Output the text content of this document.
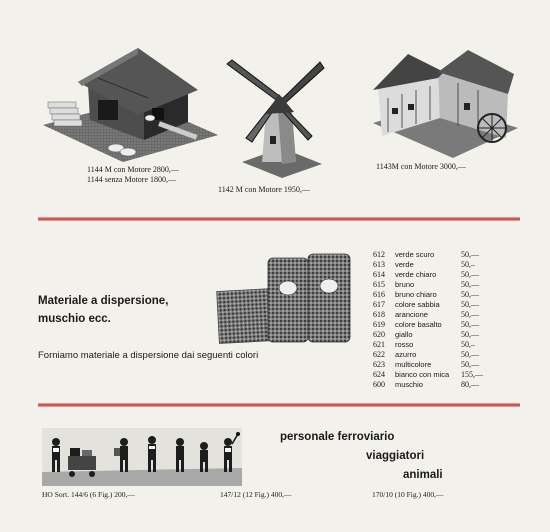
1144 M con Motore 2800,—
1144 senza Motore 1800,—
1142 M con Motore 1950,—
1143M con Motore 3000,—
Materiale a dispersione,
muschio ecc.
Forniamo materiale a dispersione dai seguenti colori
612	verde scuro	50,—
613	verde	50,–
614	verde chiaro	50,—
615	bruno	50,—
616	bruno chiaro	50,—
617	colore sabbia	50,—
618	arancione	50,—
619	colore basalto	50,—
620	giallo	50,—
621	rosso	50,–
622	azurro	50,—
623	multicolore	50,—
624	bianco con mica	155,—
600	muschio	80,—
personale ferroviario
viaggiatori
animali
HO Sort. 144/6 (6 Fig.) 200,—	147/12 (12 Fig.) 400,—	170/10 (10 Fig.) 400,—
